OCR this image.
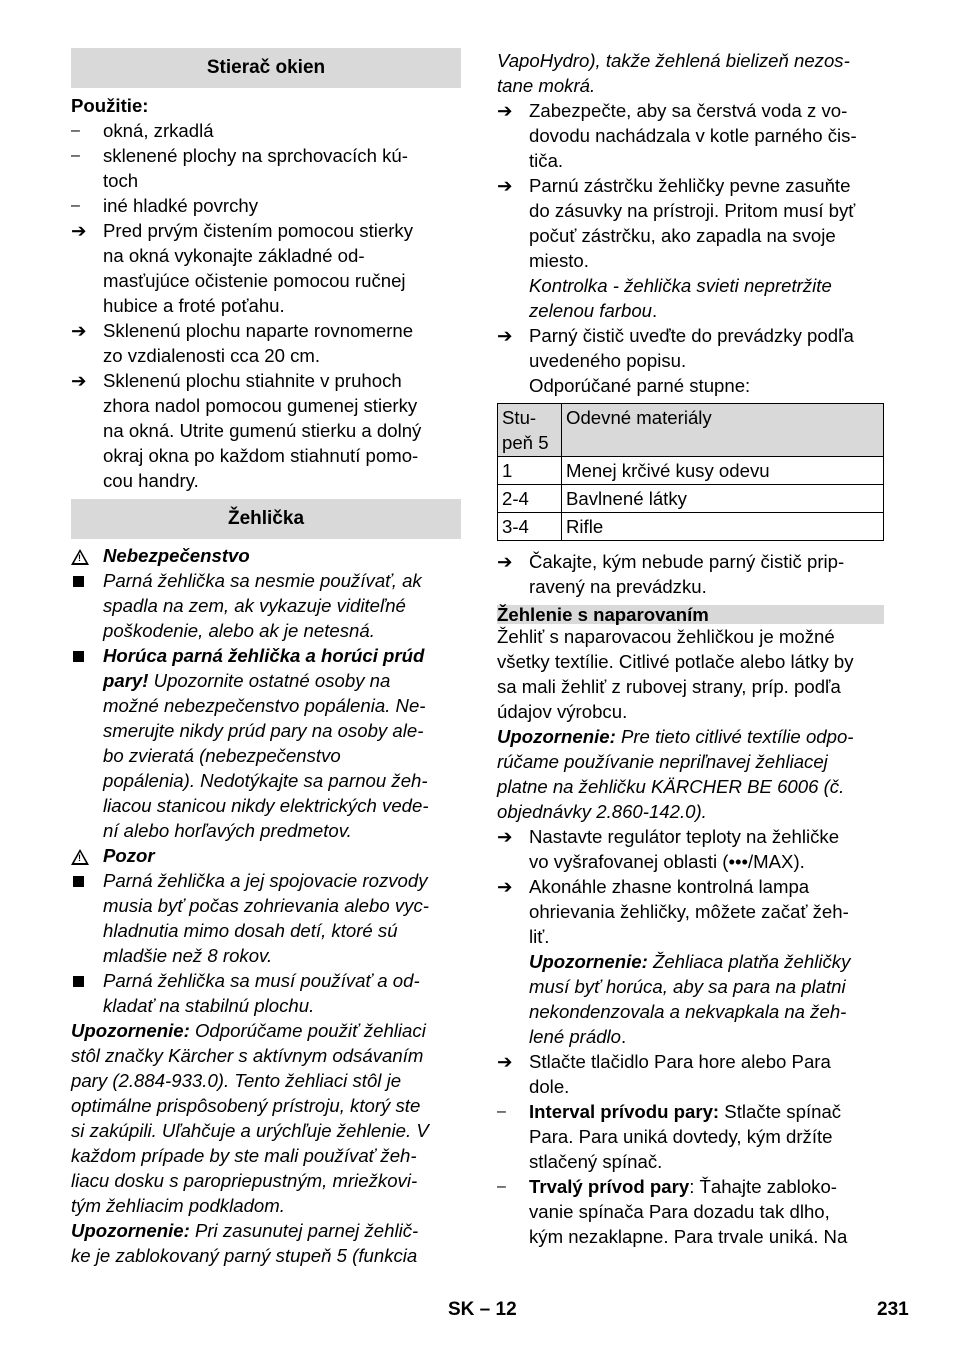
Stierač okien
Použitie:
–	okná, zrkadlá
–	sklenené plochy na sprchovacích kú-
toch
–	iné hladké povrchy
➔ Pred prvým čistením pomocou stierky
na okná vykonajte základné od-
masťujúce očistenie pomocou ručnej
hubice a froté poťahu.
➔ Sklenenú plochu naparte rovnomerne
zo vzdialenosti cca 20 cm.
➔ Sklenenú plochu stiahnite v pruhoch
zhora nadol pomocou gumenej stierky
na okná. Utrite gumenú stierku a dolný
okraj okna po každom stiahnutí pomo-
cou handry.
Žehlička
!
Nebezpečenstvo
Parná žehlička sa nesmie používať, ak
spadla na zem, ak vykazuje viditeľné
poškodenie, alebo ak je netesná.
Horúca parná žehlička a horúci prúd
pary! Upozornite ostatné osoby na
možné nebezpečenstvo popálenia. Ne-
smerujte nikdy prúd pary na osoby ale-
bo zvieratá (nebezpečenstvo
popálenia). Nedotýkajte sa parnou žeh-
liacou stanicou nikdy elektrických vede-
ní alebo horľavých predmetov.
!
Pozor
Parná žehlička a jej spojovacie rozvody
musia byť počas zohrievania alebo vyc-
hladnutia mimo dosah detí, ktoré sú
mladšie než 8 rokov.
Parná žehlička sa musí používať a od-
kladať na stabilnú plochu.
Upozornenie: Odporúčame použiť žehliaci
stôl značky Kärcher s aktívnym odsávaním
pary (2.884-933.0). Tento žehliaci stôl je
optimálne prispôsobený prístroju, ktorý ste
si zakúpili. Uľahčuje a urýchľuje žehlenie. V
každom prípade by ste mali používať žeh-
liacu dosku s paropriepustným, mriežkovi-
tým žehliacim podkladom.
Upozornenie: Pri zasunutej parnej žehlič-
ke je zablokovaný parný stupeň 5 (funkcia
VapoHydro), takže žehlená bielizeň nezos-
tane mokrá.
➔ Zabezpečte, aby sa čerstvá voda z vo-
dovodu nachádzala v kotle parného čis-
tiča.
➔ Parnú zástrčku žehličky pevne zasuňte
do zásuvky na prístroji. Pritom musí byť
počuť zástrčku, ako zapadla na svoje
miesto.
Kontrolka - žehlička svieti nepretržite
zelenou farbou.
➔ Parný čistič uveďte do prevádzky podľa
uvedeného popisu.
Odporúčané parné stupne:
Stu-
peň 5	Odevné materiály
1	Menej krčivé kusy odevu
2-4	Bavlnené látky
3-4	Rifle
➔ Čakajte, kým nebude parný čistič prip-
ravený na prevádzku.
Žehlenie s naparovaním
Žehliť s naparovacou žehličkou je možné
všetky textílie. Citlivé potlače alebo látky by
sa mali žehliť z rubovej strany, príp. podľa
údajov výrobcu.
Upozornenie: Pre tieto citlivé textílie odpo-
rúčame používanie nepriľnavej žehliacej
platne na žehličku KÄRCHER BE 6006 (č.
objednávky 2.860-142.0).
➔ Nastavte regulátor teploty na žehličke
vo vyšrafovanej oblasti (•••/MAX).
➔ Akonáhle zhasne kontrolná lampa
ohrievania žehličky, môžete začať žeh-
liť.
Upozornenie: Žehliaca platňa žehličky
musí byť horúca, aby sa para na platni
nekondenzovala a nekvapkala na žeh-
lené prádlo.
➔ Stlačte tlačidlo Para hore alebo Para
dole.
–	Interval prívodu pary: Stlačte spínač
Para. Para uniká dovtedy, kým držíte
stlačený spínač.
–	Trvalý prívod pary: Ťahajte zabloko-
vanie spínača Para dozadu tak dlho,
kým nezaklapne. Para trvale uniká. Na
SK – 12	231
